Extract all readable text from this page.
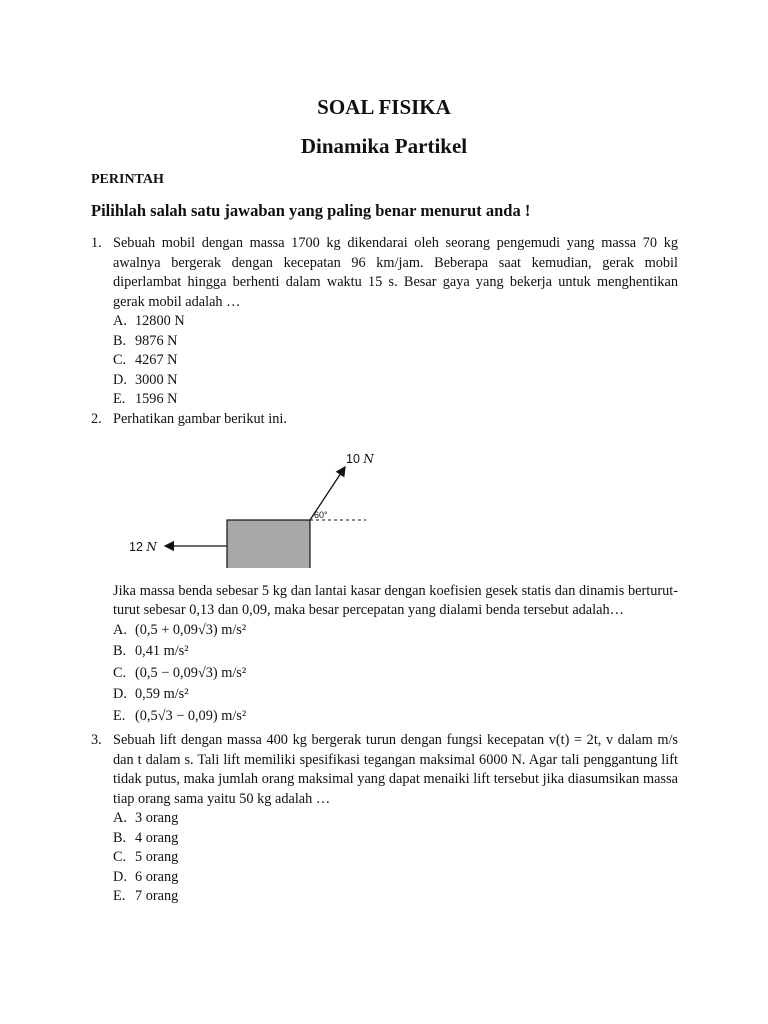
SOAL FISIKA
Dinamika Partikel
PERINTAH
Pilihlah salah satu jawaban yang paling benar menurut anda !
1. Sebuah mobil dengan massa 1700 kg dikendarai oleh seorang pengemudi yang massa 70 kg awalnya bergerak dengan kecepatan 96 km/jam. Beberapa saat kemudian, gerak mobil diperlambat hingga berhenti dalam waktu 15 s. Besar gaya yang bekerja untuk menghentikan gerak mobil adalah …
A. 12800 N
B. 9876 N
C. 4267 N
D. 3000 N
E. 1596 N
2. Perhatikan gambar berikut ini.
10 N
60°
12 N
Jika massa benda sebesar 5 kg dan lantai kasar dengan koefisien gesek statis dan dinamis berturut-turut sebesar 0,13 dan 0,09, maka besar percepatan yang dialami benda tersebut adalah…
A. (0,5 + 0,09√3) m/s²
B. 0,41 m/s²
C. (0,5 − 0,09√3) m/s²
D. 0,59 m/s²
E. (0,5√3 − 0,09) m/s²
3. Sebuah lift dengan massa 400 kg bergerak turun dengan fungsi kecepatan v(t) = 2t, v dalam m/s dan t dalam s. Tali lift memiliki spesifikasi tegangan maksimal 6000 N. Agar tali penggantung lift tidak putus, maka jumlah orang maksimal yang dapat menaiki lift tersebut jika diasumsikan massa tiap orang sama yaitu 50 kg adalah …
A. 3 orang
B. 4 orang
C. 5 orang
D. 6 orang
E. 7 orang
